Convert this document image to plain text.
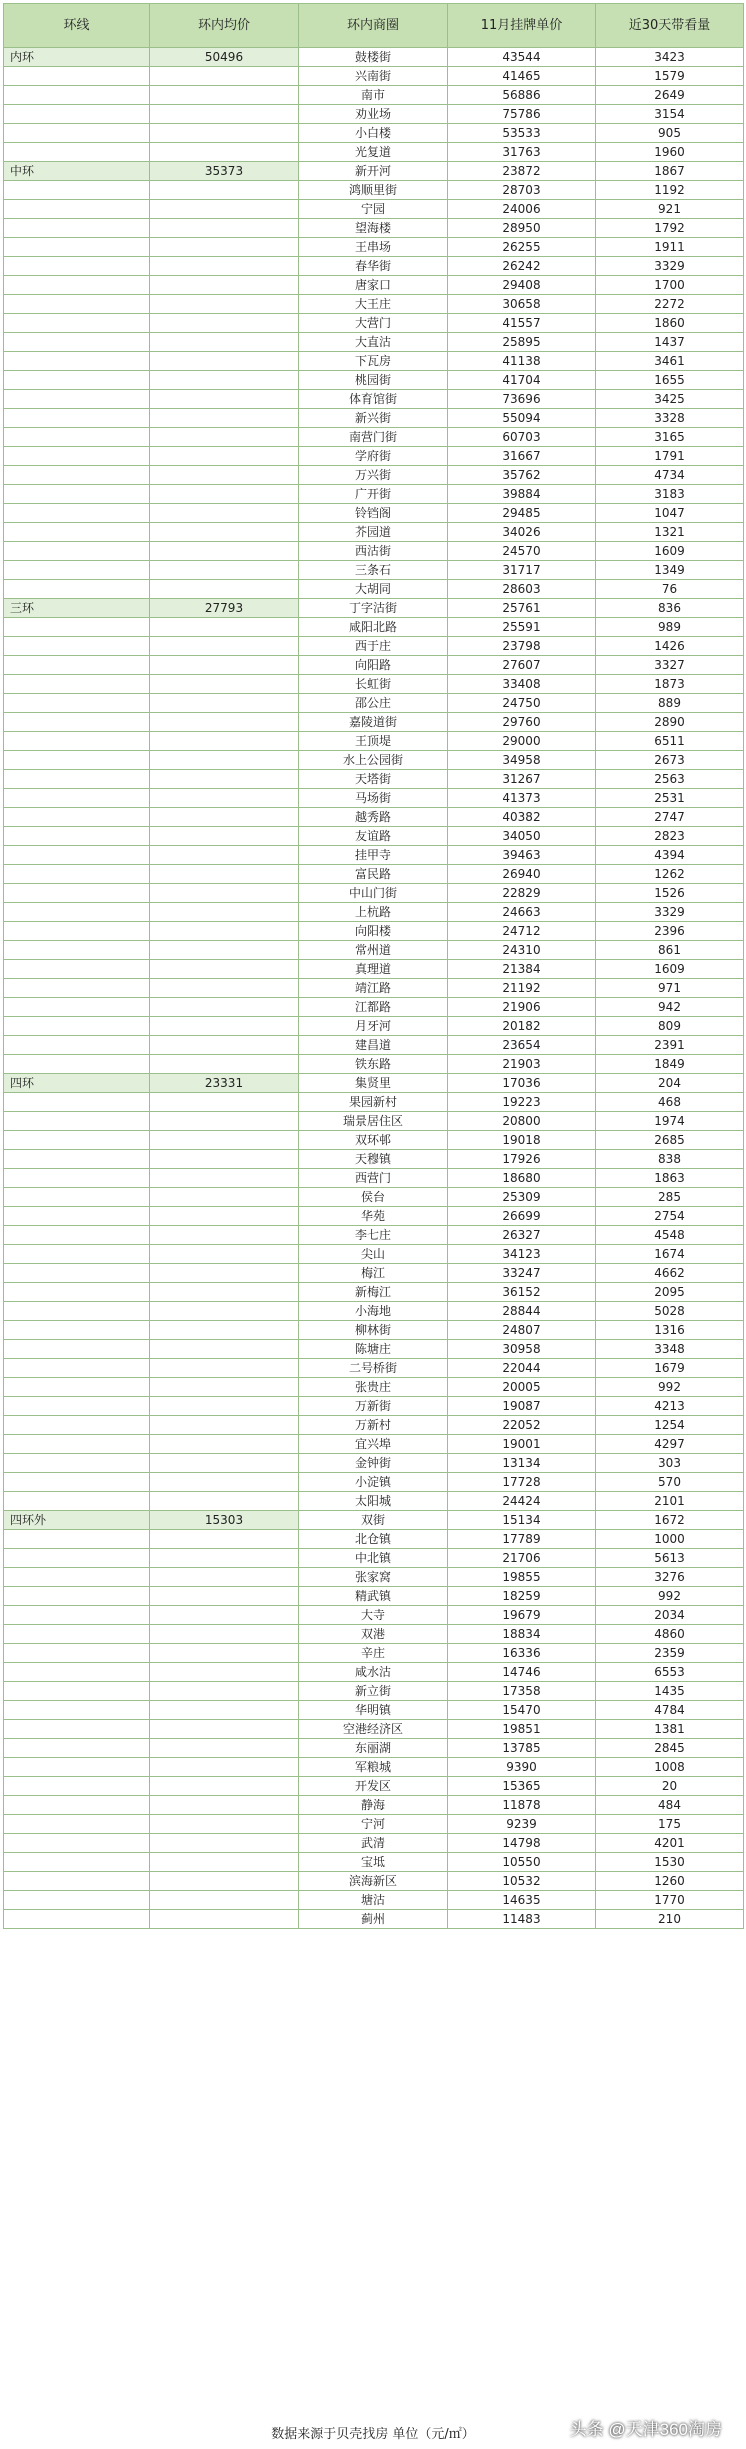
环线	环内均价	环内商圈	11月挂牌单价	近30天带看量
内环	50496	鼓楼街	43544	3423
		兴南街	41465	1579
		南市	56886	2649
		劝业场	75786	3154
		小白楼	53533	905
		光复道	31763	1960
中环	35373	新开河	23872	1867
		鸿顺里街	28703	1192
		宁园	24006	921
		望海楼	28950	1792
		王串场	26255	1911
		春华街	26242	3329
		唐家口	29408	1700
		大王庄	30658	2272
		大营门	41557	1860
		大直沽	25895	1437
		下瓦房	41138	3461
		桃园街	41704	1655
		体育馆街	73696	3425
		新兴街	55094	3328
		南营门街	60703	3165
		学府街	31667	1791
		万兴街	35762	4734
		广开街	39884	3183
		铃铛阁	29485	1047
		芥园道	34026	1321
		西沽街	24570	1609
		三条石	31717	1349
		大胡同	28603	76
三环	27793	丁字沽街	25761	836
		咸阳北路	25591	989
		西于庄	23798	1426
		向阳路	27607	3327
		长虹街	33408	1873
		邵公庄	24750	889
		嘉陵道街	29760	2890
		王顶堤	29000	6511
		水上公园街	34958	2673
		天塔街	31267	2563
		马场街	41373	2531
		越秀路	40382	2747
		友谊路	34050	2823
		挂甲寺	39463	4394
		富民路	26940	1262
		中山门街	22829	1526
		上杭路	24663	3329
		向阳楼	24712	2396
		常州道	24310	861
		真理道	21384	1609
		靖江路	21192	971
		江都路	21906	942
		月牙河	20182	809
		建昌道	23654	2391
		铁东路	21903	1849
四环	23331	集贤里	17036	204
		果园新村	19223	468
		瑞景居住区	20800	1974
		双环邨	19018	2685
		天穆镇	17926	838
		西营门	18680	1863
		侯台	25309	285
		华苑	26699	2754
		李七庄	26327	4548
		尖山	34123	1674
		梅江	33247	4662
		新梅江	36152	2095
		小海地	28844	5028
		柳林街	24807	1316
		陈塘庄	30958	3348
		二号桥街	22044	1679
		张贵庄	20005	992
		万新街	19087	4213
		万新村	22052	1254
		宜兴埠	19001	4297
		金钟街	13134	303
		小淀镇	17728	570
		太阳城	24424	2101
四环外	15303	双街	15134	1672
		北仓镇	17789	1000
		中北镇	21706	5613
		张家窝	19855	3276
		精武镇	18259	992
		大寺	19679	2034
		双港	18834	4860
		辛庄	16336	2359
		咸水沽	14746	6553
		新立街	17358	1435
		华明镇	15470	4784
		空港经济区	19851	1381
		东丽湖	13785	2845
		军粮城	9390	1008
		开发区	15365	20
		静海	11878	484
		宁河	9239	175
		武清	14798	4201
		宝坻	10550	1530
		滨海新区	10532	1260
		塘沽	14635	1770
		蓟州	11483	210
数据来源于贝壳找房 单位（元/㎡）	头条 @天津360淘房
